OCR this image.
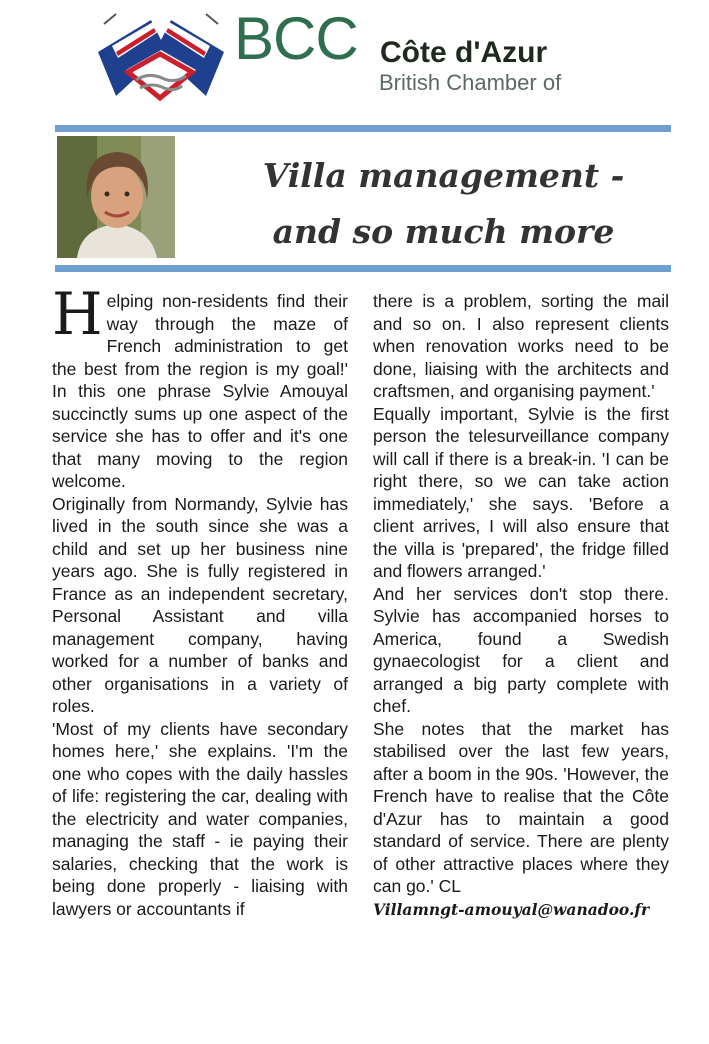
BCC Côte d'Azur
British Chamber of
Villa management -
and so much more

Helping non-residents find their way through the maze of French administration to get the best from the region is my goal!' In this one phrase Sylvie Amouyal succinctly sums up one aspect of the service she has to offer and it's one that many moving to the region welcome.

Originally from Normandy, Sylvie has lived in the south since she was a child and set up her business nine years ago. She is fully registered in France as an independent secretary, Personal Assistant and villa management company, having worked for a number of banks and other organisations in a variety of roles.

'Most of my clients have secondary homes here,' she explains. 'I'm the one who copes with the daily hassles of life: registering the car, dealing with the electricity and water companies, managing the staff - ie paying their salaries, checking that the work is being done properly - liaising with lawyers or accountants if

there is a problem, sorting the mail and so on. I also represent clients when renovation works need to be done, liaising with the architects and craftsmen, and organising payment.'

Equally important, Sylvie is the first person the telesurveillance company will call if there is a break-in. 'I can be right there, so we can take action immediately,' she says. 'Before a client arrives, I will also ensure that the villa is 'prepared', the fridge filled and flowers arranged.'

And her services don't stop there. Sylvie has accompanied horses to America, found a Swedish gynaecologist for a client and arranged a big party complete with chef.

She notes that the market has stabilised over the last few years, after a boom in the 90s. 'However, the French have to realise that the Côte d'Azur has to maintain a good standard of service. There are plenty of other attractive places where they can go.' CL

Villamngt-amouyal@wanadoo.fr
